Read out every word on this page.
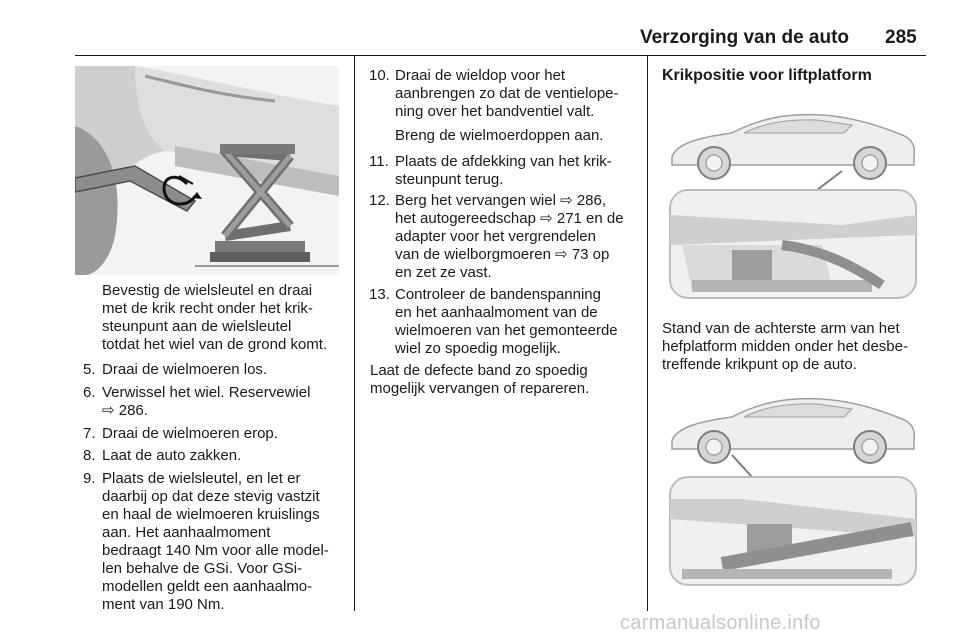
Verzorging van de auto 285
Bevestig de wielsleutel en draai
met de krik recht onder het krik-
steunpunt aan de wielsleutel
totdat het wiel van de grond komt.
5. Draai de wielmoeren los.
6. Verwissel het wiel. Reservewiel
⇨ 286.
7. Draai de wielmoeren erop.
8. Laat de auto zakken.
9. Plaats de wielsleutel, en let er
daarbij op dat deze stevig vastzit
en haal de wielmoeren kruislings
aan. Het aanhaalmoment
bedraagt 140 Nm voor alle model-
len behalve de GSi. Voor GSi-
modellen geldt een aanhaalmo-
ment van 190 Nm.
10. Draai de wieldop voor het
aanbrengen zo dat de ventielope-
ning over het bandventiel valt.
Breng de wielmoerdoppen aan.
11. Plaats de afdekking van het krik-
steunpunt terug.
12. Berg het vervangen wiel ⇨ 286,
het autogereedschap ⇨ 271 en de
adapter voor het vergrendelen
van de wielborgmoeren ⇨ 73 op
en zet ze vast.
13. Controleer de bandenspanning
en het aanhaalmoment van de
wielmoeren van het gemonteerde
wiel zo spoedig mogelijk.
Laat de defecte band zo spoedig
mogelijk vervangen of repareren.
Krikpositie voor liftplatform
Stand van de achterste arm van het
hefplatform midden onder het desbe-
treffende krikpunt op de auto.
carmanualsonline.info
